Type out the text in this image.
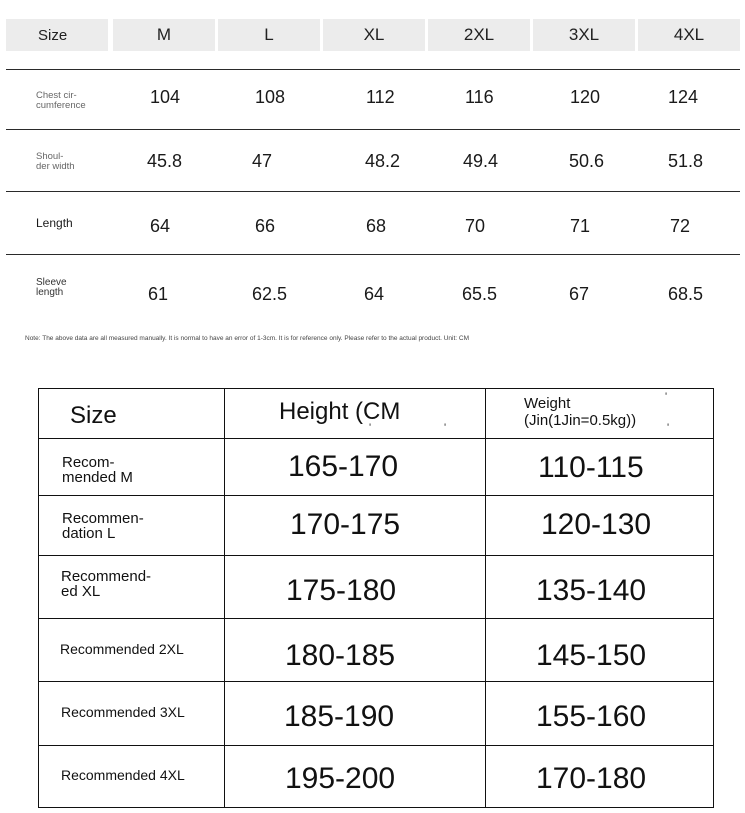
Size	M	L	XL	2XL	3XL	4XL
Chest cir-
cumference	104	108	112	116	120	124
Shoul-
der width	45.8	47	48.2	49.4	50.6	51.8
Length	64	66	68	70	71	72
Sleeve
length	61	62.5	64	65.5	67	68.5
Note: The above data are all measured manually. It is normal to have an error of 1-3cm. It is for reference only. Please refer to the actual product. Unit: CM
Size	Height (CM	Weight
(Jin(1Jin=0.5kg))
'	'
'
'
Recom-
mended M	165-170	110-115
Recommen-
dation L	170-175	120-130
Recommend-
ed XL	175-180	135-140
Recommended 2XL	180-185	145-150
Recommended 3XL	185-190	155-160
Recommended 4XL	195-200	170-180
